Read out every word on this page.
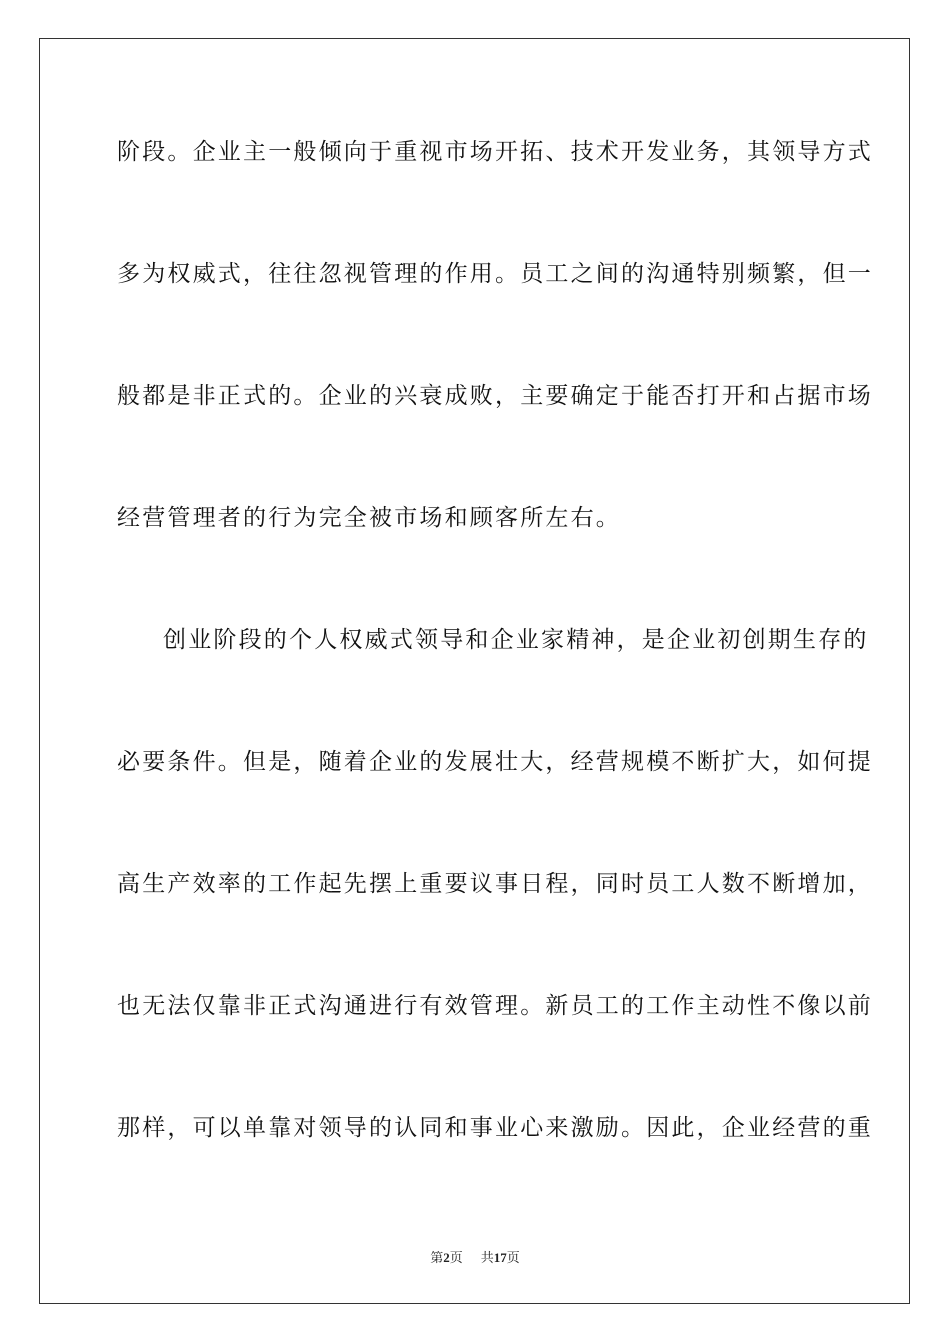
阶段。企业主一般倾向于重视市场开拓、技术开发业务，其领导方式
多为权威式，往往忽视管理的作用。员工之间的沟通特别频繁，但一
般都是非正式的。企业的兴衰成败，主要确定于能否打开和占据市场
经营管理者的行为完全被市场和顾客所左右。
创业阶段的个人权威式领导和企业家精神，是企业初创期生存的
必要条件。但是，随着企业的发展壮大，经营规模不断扩大，如何提
高生产效率的工作起先摆上重要议事日程，同时员工人数不断增加，
也无法仅靠非正式沟通进行有效管理。新员工的工作主动性不像以前
那样，可以单靠对领导的认同和事业心来激励。因此，企业经营的重
第2页 共17页
